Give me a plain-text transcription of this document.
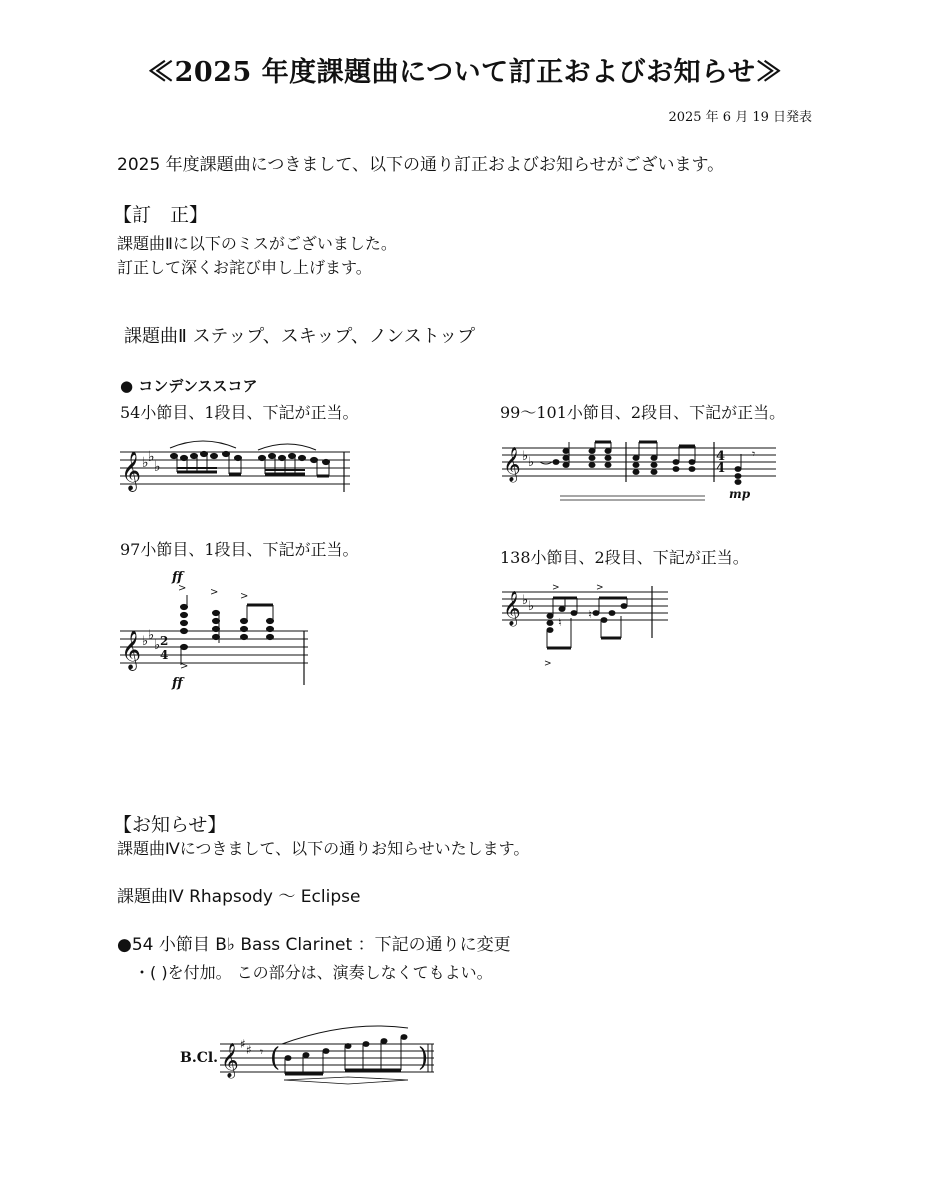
≪2025 年度課題曲について訂正およびお知らせ≫
2025 年 6 月 19 日発表
2025 年度課題曲につきまして、以下の通り訂正およびお知らせがございます。
【訂　正】
課題曲Ⅱに以下のミスがございました。
訂正して深くお詫び申し上げます。
課題曲Ⅱ ステップ、スキップ、ノンストップ
● コンデンススコア
54小節目、1段目、下記が正当。	99～101小節目、2段目、下記が正当。
97小節目、1段目、下記が正当。	138小節目、2段目、下記が正当。
𝄞 ♭ ♭
♭	𝄞 ♭ ♭	4
4
𝄾
mp
𝄞 ♭ ♭
♭ 2
4
ff
ff
> > >
>
𝄞 ♭ ♭
>	>
>
♮
♮
【お知らせ】
課題曲Ⅳにつきまして、以下の通りお知らせいたします。
課題曲Ⅳ Rhapsody ～ Eclipse
●54 小節目 B♭ Bass Clarinet ：下記の通りに変更
・( )を付加。 この部分は、演奏しなくてもよい。
B.Cl. 𝄞 ♯ ♯ 𝄾 (	)
